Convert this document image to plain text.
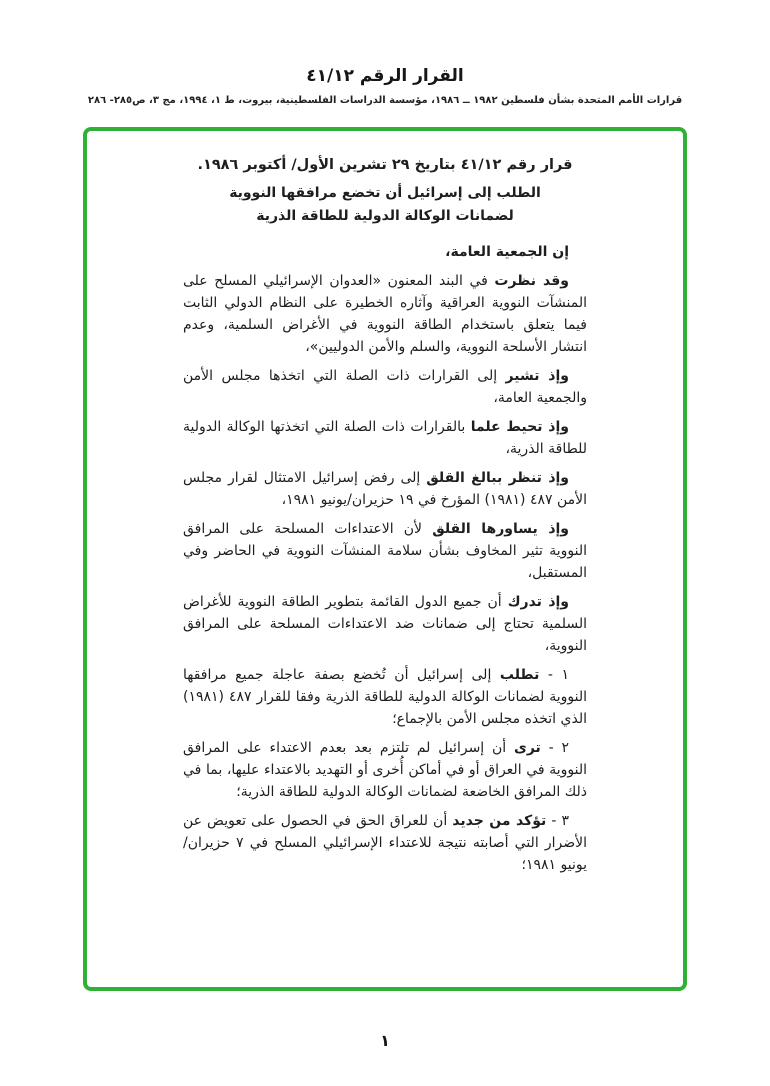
القرار الرقم ٤١/١٢
قرارات الأمم المتحدة بشأن فلسطين ١٩٨٢ ــ ١٩٨٦، مؤسسة الدراسات الفلسطينية، بيروت، ط ١، ١٩٩٤، مج ٣، ص٢٨٥- ٢٨٦
قرار رقم ٤١/١٢ بتاريخ ٢٩ تشرين الأول/ أكتوبر ١٩٨٦.
الطلب إلى إسرائيل أن تخضع مرافقها النووية
لضمانات الوكالة الدولية للطاقة الذرية
إن الجمعية العامة،

وقد نظرت في البند المعنون «العدوان الإسرائيلي المسلح على المنشآت النووية العراقية وآثاره الخطيرة على النظام الدولي الثابت فيما يتعلق باستخدام الطاقة النووية في الأغراض السلمية، وعدم انتشار الأسلحة النووية، والسلم والأمن الدوليين»،

وإذ تشير إلى القرارات ذات الصلة التي اتخذها مجلس الأمن والجمعية العامة،

وإذ تحيط علما بالقرارات ذات الصلة التي اتخذتها الوكالة الدولية للطاقة الذرية،

وإذ تنظر ببالغ القلق إلى رفض إسرائيل الامتثال لقرار مجلس الأمن ٤٨٧ (١٩٨١) المؤرخ في ١٩ حزيران/يونيو ١٩٨١،

وإذ يساورها القلق لأن الاعتداءات المسلحة على المرافق النووية تثير المخاوف بشأن سلامة المنشآت النووية في الحاضر وفي المستقبل،

وإذ تدرك أن جميع الدول القائمة بتطوير الطاقة النووية للأغراض السلمية تحتاج إلى ضمانات ضد الاعتداءات المسلحة على المرافق النووية،

١ - تطلب إلى إسرائيل أن تُخضع بصفة عاجلة جميع مرافقها النووية لضمانات الوكالة الدولية للطاقة الذرية وفقا للقرار ٤٨٧ (١٩٨١) الذي اتخذه مجلس الأمن بالإجماع؛

٢ - ترى أن إسرائيل لم تلتزم بعد بعدم الاعتداء على المرافق النووية في العراق أو في أماكن أُخرى أو التهديد بالاعتداء عليها، بما في ذلك المرافق الخاضعة لضمانات الوكالة الدولية للطاقة الذرية؛

٣ - تؤكد من جديد أن للعراق الحق في الحصول على تعويض عن الأضرار التي أصابته نتيجة للاعتداء الإسرائيلي المسلح في ٧ حزيران/ يونيو ١٩٨١؛

١
